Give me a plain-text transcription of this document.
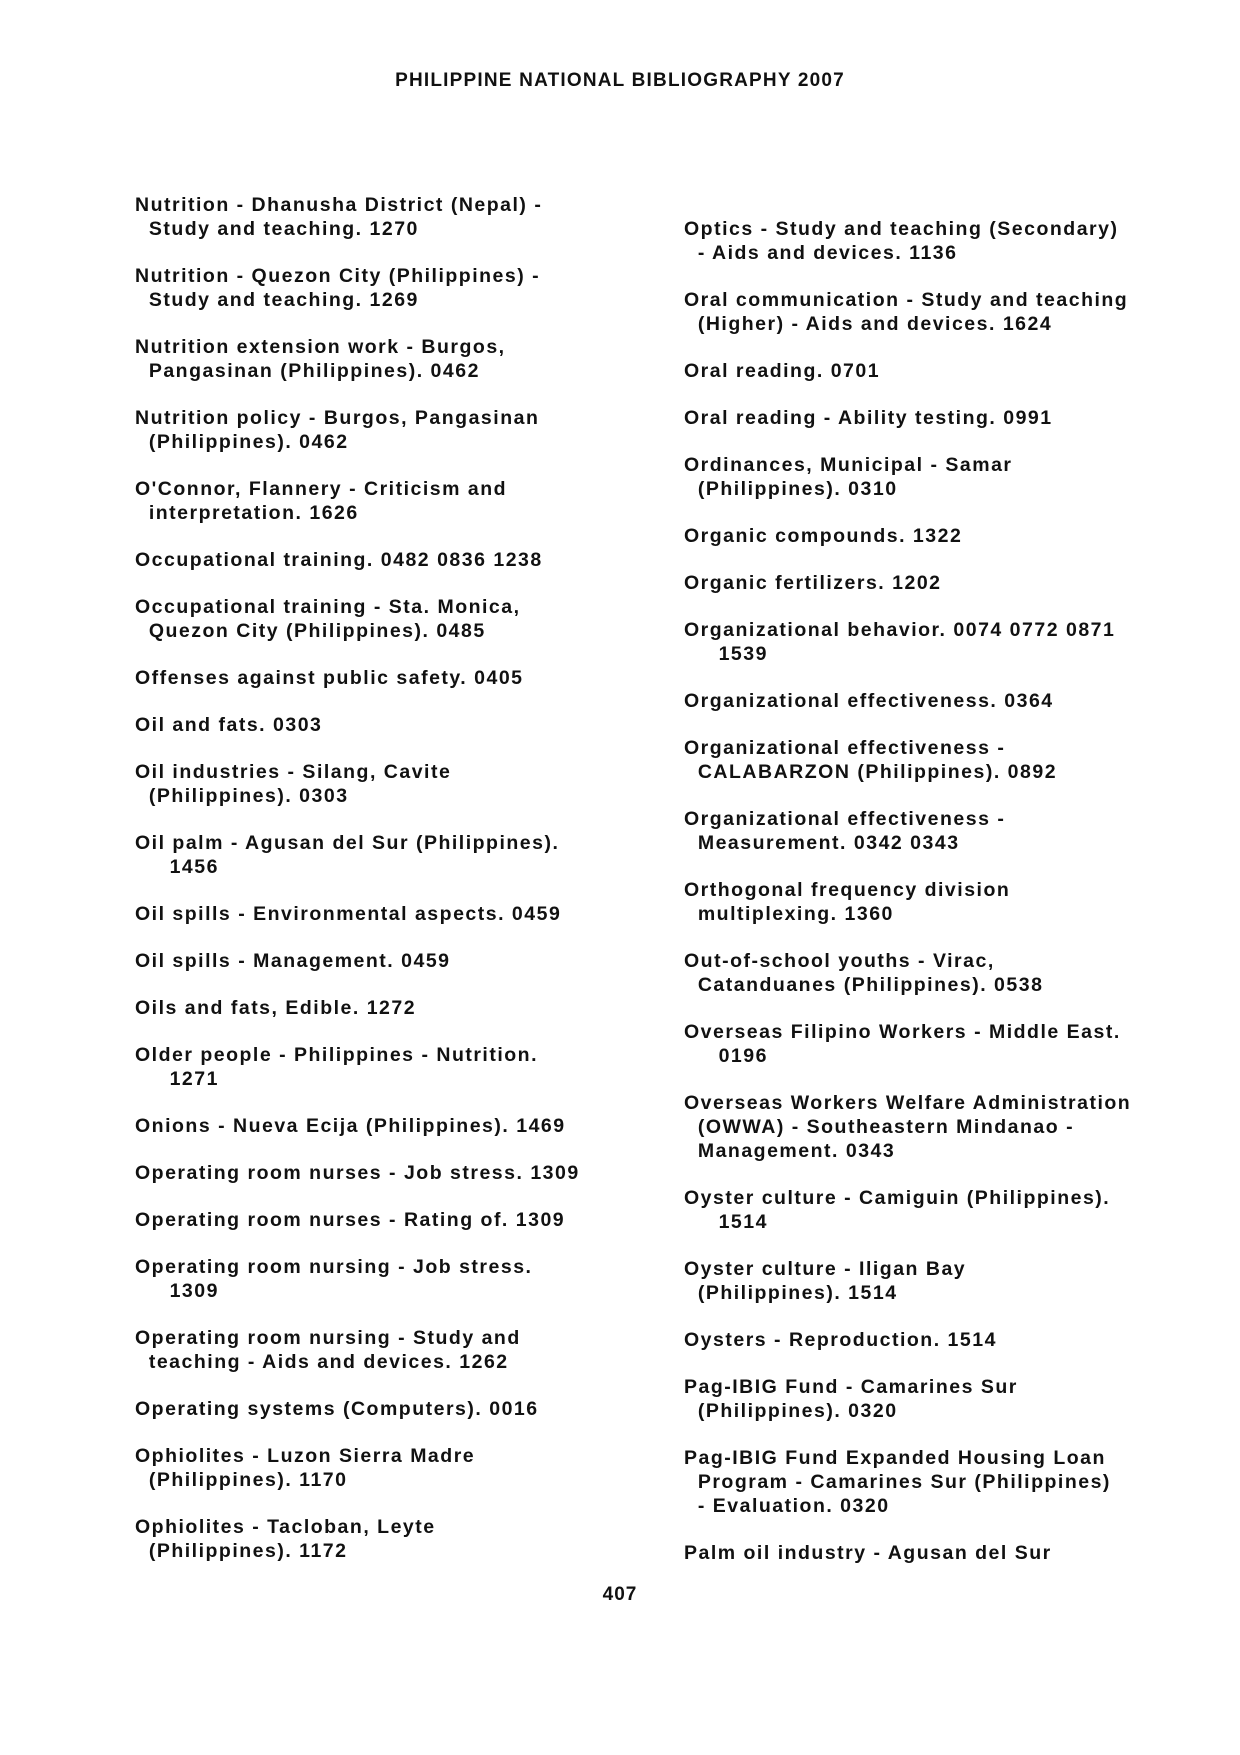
PHILIPPINE NATIONAL BIBLIOGRAPHY 2007

Nutrition - Dhanusha District (Nepal) -
Study and teaching. 1270

Nutrition - Quezon City (Philippines) -
Study and teaching. 1269

Nutrition extension work - Burgos,
Pangasinan (Philippines). 0462

Nutrition policy - Burgos, Pangasinan
(Philippines). 0462

O'Connor, Flannery - Criticism and
interpretation. 1626

Occupational training. 0482 0836 1238

Occupational training - Sta. Monica,
Quezon City (Philippines). 0485

Offenses against public safety. 0405

Oil and fats. 0303

Oil industries - Silang, Cavite
(Philippines). 0303

Oil palm - Agusan del Sur (Philippines).
1456

Oil spills - Environmental aspects. 0459

Oil spills - Management. 0459

Oils and fats, Edible. 1272

Older people - Philippines - Nutrition.
1271

Onions - Nueva Ecija (Philippines). 1469

Operating room nurses - Job stress. 1309

Operating room nurses - Rating of. 1309

Operating room nursing - Job stress.
1309

Operating room nursing - Study and
teaching - Aids and devices. 1262

Operating systems (Computers). 0016

Ophiolites - Luzon Sierra Madre
(Philippines). 1170

Ophiolites - Tacloban, Leyte
(Philippines). 1172

Optics - Study and teaching (Secondary)
- Aids and devices. 1136

Oral communication - Study and teaching
(Higher) - Aids and devices. 1624

Oral reading. 0701

Oral reading - Ability testing. 0991

Ordinances, Municipal - Samar
(Philippines). 0310

Organic compounds. 1322

Organic fertilizers. 1202

Organizational behavior. 0074 0772 0871
1539

Organizational effectiveness. 0364

Organizational effectiveness -
CALABARZON (Philippines). 0892

Organizational effectiveness -
Measurement. 0342 0343

Orthogonal frequency division
multiplexing. 1360

Out-of-school youths - Virac,
Catanduanes (Philippines). 0538

Overseas Filipino Workers - Middle East.
0196

Overseas Workers Welfare Administration
(OWWA) - Southeastern Mindanao -
Management. 0343

Oyster culture - Camiguin (Philippines).
1514

Oyster culture - Iligan Bay
(Philippines). 1514

Oysters - Reproduction. 1514

Pag-IBIG Fund - Camarines Sur
(Philippines). 0320

Pag-IBIG Fund Expanded Housing Loan
Program - Camarines Sur (Philippines)
- Evaluation. 0320

Palm oil industry - Agusan del Sur

407
